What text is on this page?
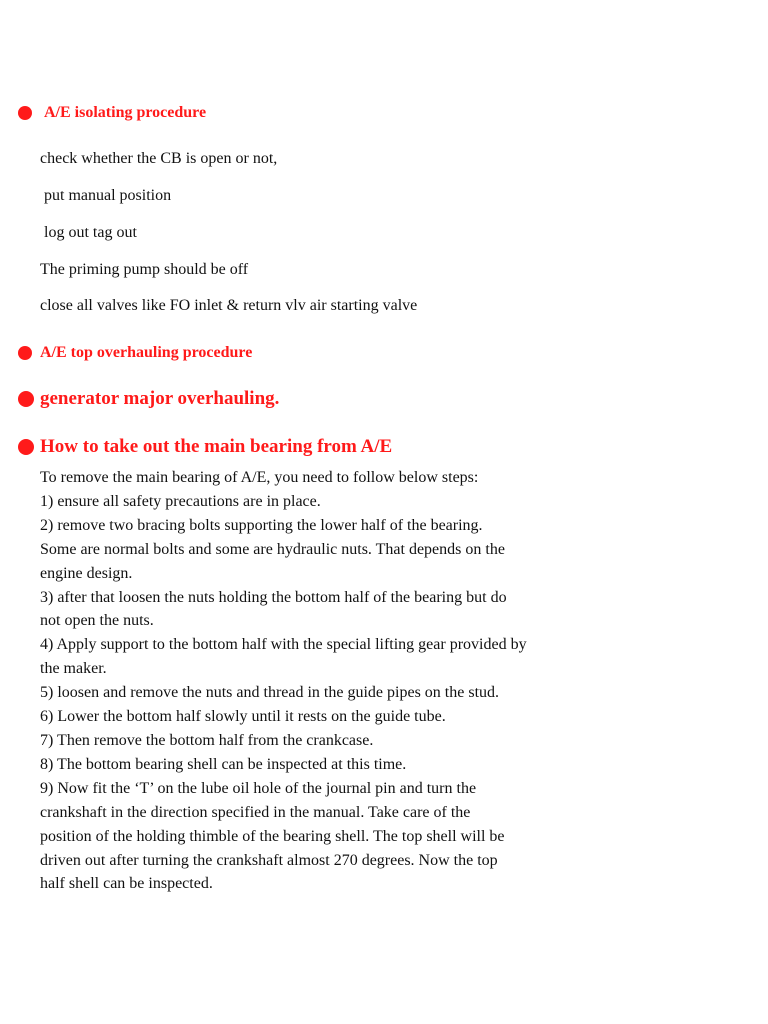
A/E isolating procedure
check whether the CB is open or not,
put manual position
log out tag out
The priming pump should be off
close all valves like FO inlet & return vlv air starting valve
A/E top overhauling procedure
generator major overhauling.
How to take out the main bearing from A/E
To remove the main bearing of A/E, you need to follow below steps:
1) ensure all safety precautions are in place.
2) remove two bracing bolts supporting the lower half of the bearing.
Some are normal bolts and some are hydraulic nuts. That depends on the
engine design.
3) after that loosen the nuts holding the bottom half of the bearing but do
not open the nuts.
4) Apply support to the bottom half with the special lifting gear provided by
the maker.
5) loosen and remove the nuts and thread in the guide pipes on the stud.
6) Lower the bottom half slowly until it rests on the guide tube.
7) Then remove the bottom half from the crankcase.
8) The bottom bearing shell can be inspected at this time.
9) Now fit the ‘T’ on the lube oil hole of the journal pin and turn the
crankshaft in the direction specified in the manual. Take care of the
position of the holding thimble of the bearing shell. The top shell will be
driven out after turning the crankshaft almost 270 degrees. Now the top
half shell can be inspected.
